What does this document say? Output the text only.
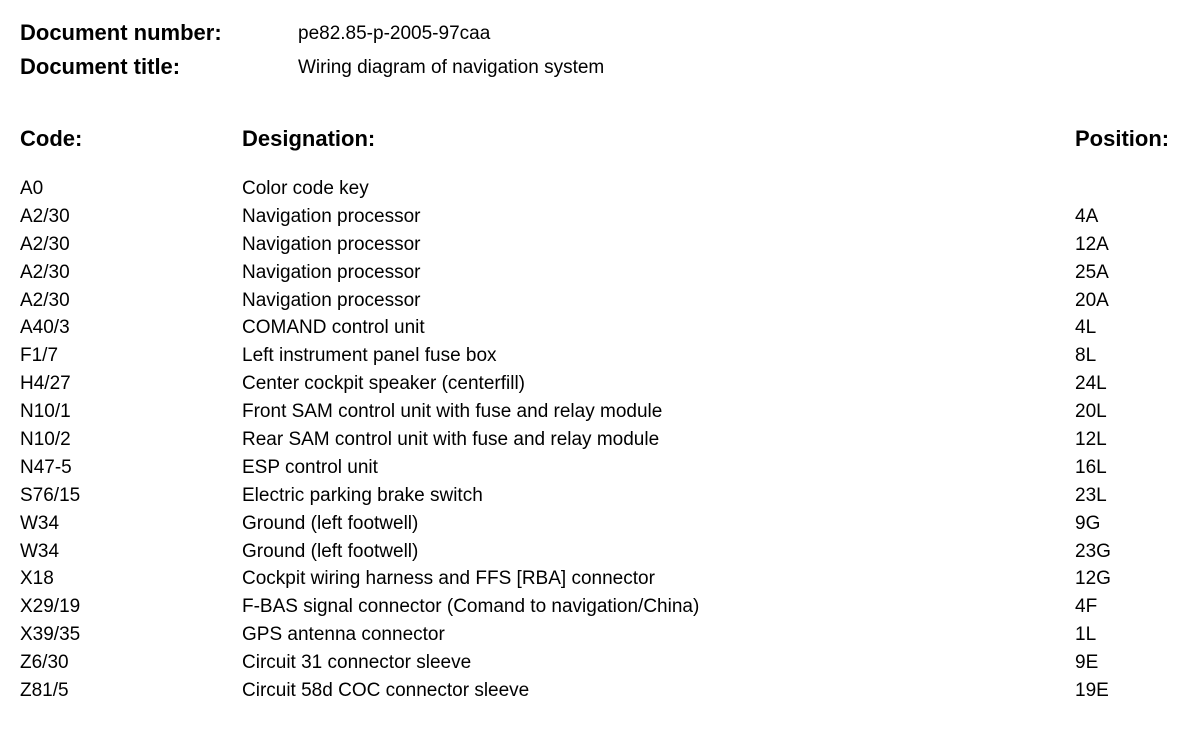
Document number:	pe82.85-p-2005-97caa
Document title:	Wiring diagram of navigation system
Code:	Designation:	Position:
A0	Color code key
A2/30	Navigation processor	4A
A2/30	Navigation processor	12A
A2/30	Navigation processor	25A
A2/30	Navigation processor	20A
A40/3	COMAND control unit	4L
F1/7	Left instrument panel fuse box	8L
H4/27	Center cockpit speaker (centerfill)	24L
N10/1	Front SAM control unit with fuse and relay module	20L
N10/2	Rear SAM control unit with fuse and relay module	12L
N47-5	ESP control unit	16L
S76/15	Electric parking brake switch	23L
W34	Ground (left footwell)	9G
W34	Ground (left footwell)	23G
X18	Cockpit wiring harness and FFS [RBA] connector	12G
X29/19	F-BAS signal connector (Comand to navigation/China)	4F
X39/35	GPS antenna connector	1L
Z6/30	Circuit 31 connector sleeve	9E
Z81/5	Circuit 58d COC connector sleeve	19E
